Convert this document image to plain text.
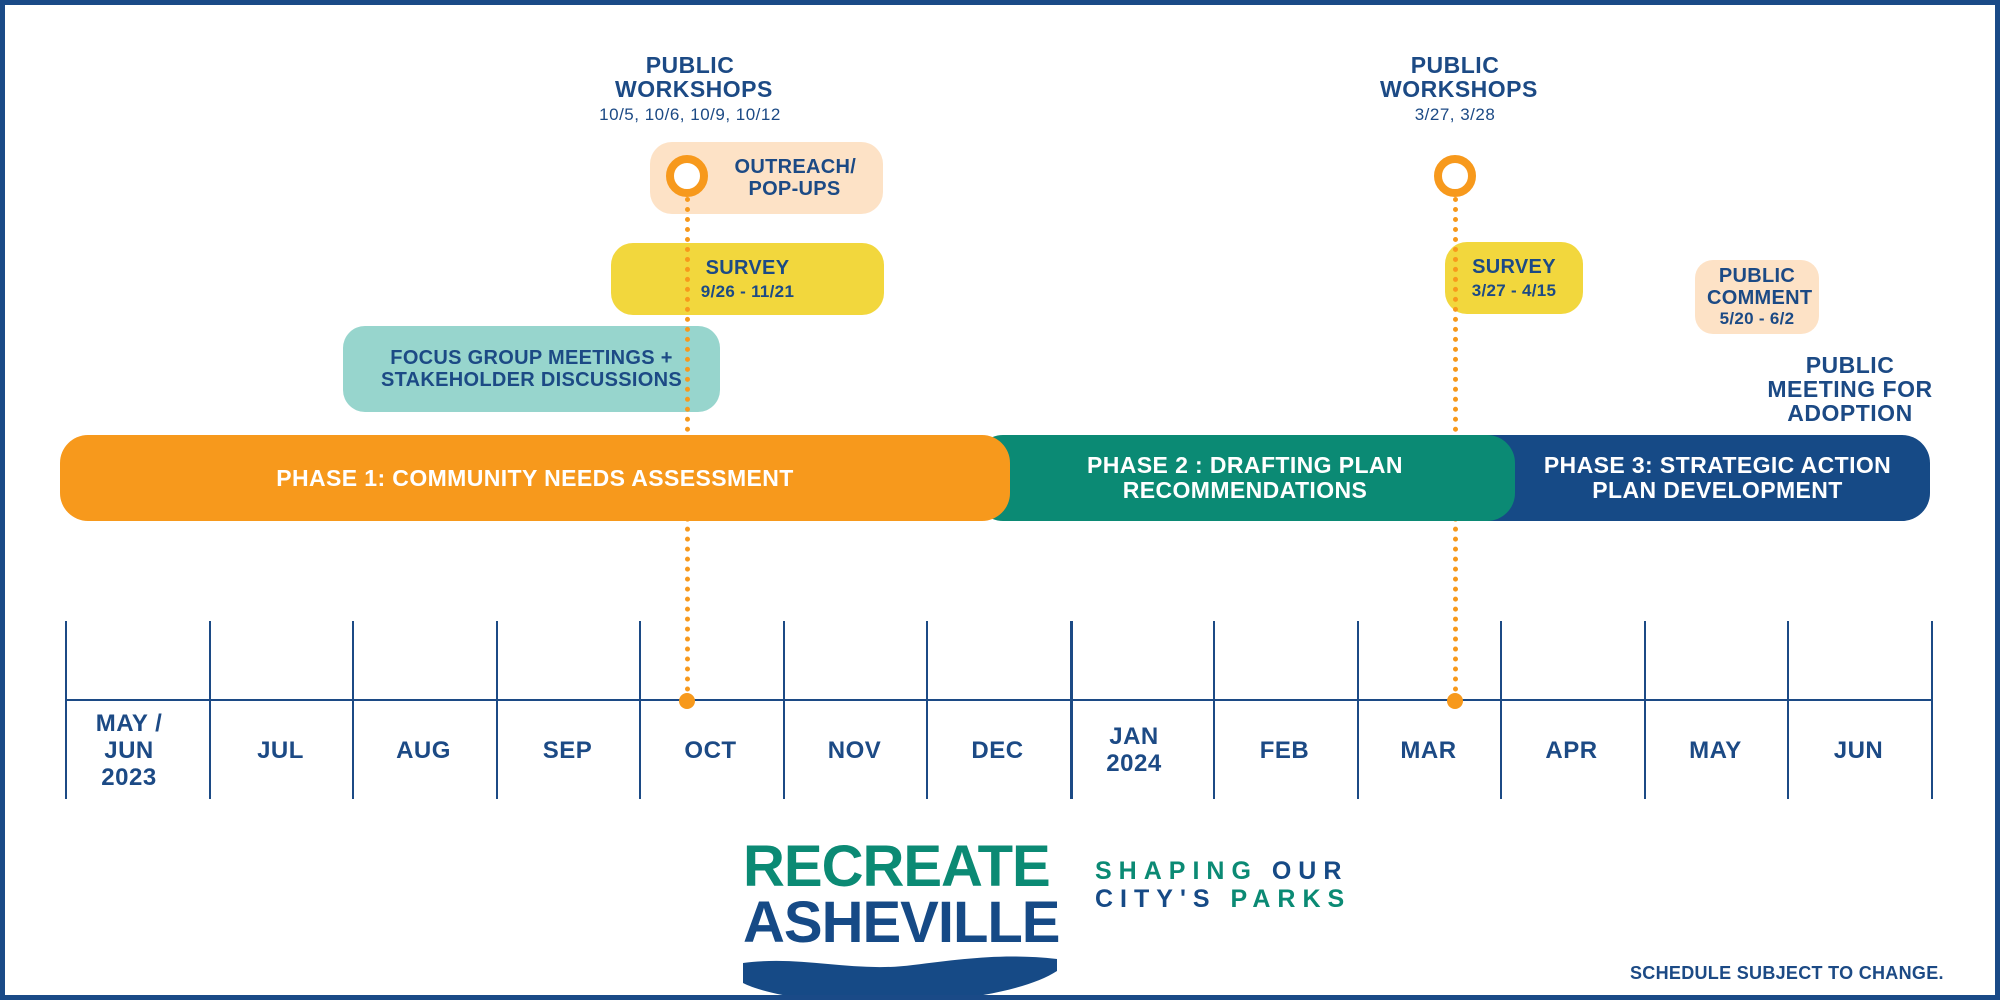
PUBLIC WORKSHOPS
10/5, 10/6, 10/9, 10/12
OUTREACH/ POP-UPS
SURVEY
9/26 - 11/21
FOCUS GROUP MEETINGS + STAKEHOLDER DISCUSSIONS
PUBLIC WORKSHOPS
3/27, 3/28
SURVEY
3/27 - 4/15
PUBLIC COMMENT
5/20 - 6/2
PUBLIC MEETING FOR ADOPTION
PHASE 3: STRATEGIC ACTION PLAN DEVELOPMENT
PHASE 2 : DRAFTING PLAN RECOMMENDATIONS
PHASE 1: COMMUNITY NEEDS ASSESSMENT
MAY / JUN 2023
JUL	AUG	SEP	OCT	NOV	DEC	JAN 2024	FEB	MAR	APR	MAY	JUN
RECREATE
ASHEVILLE
SHAPING OUR
CITY'S PARKS
SCHEDULE SUBJECT TO CHANGE.
